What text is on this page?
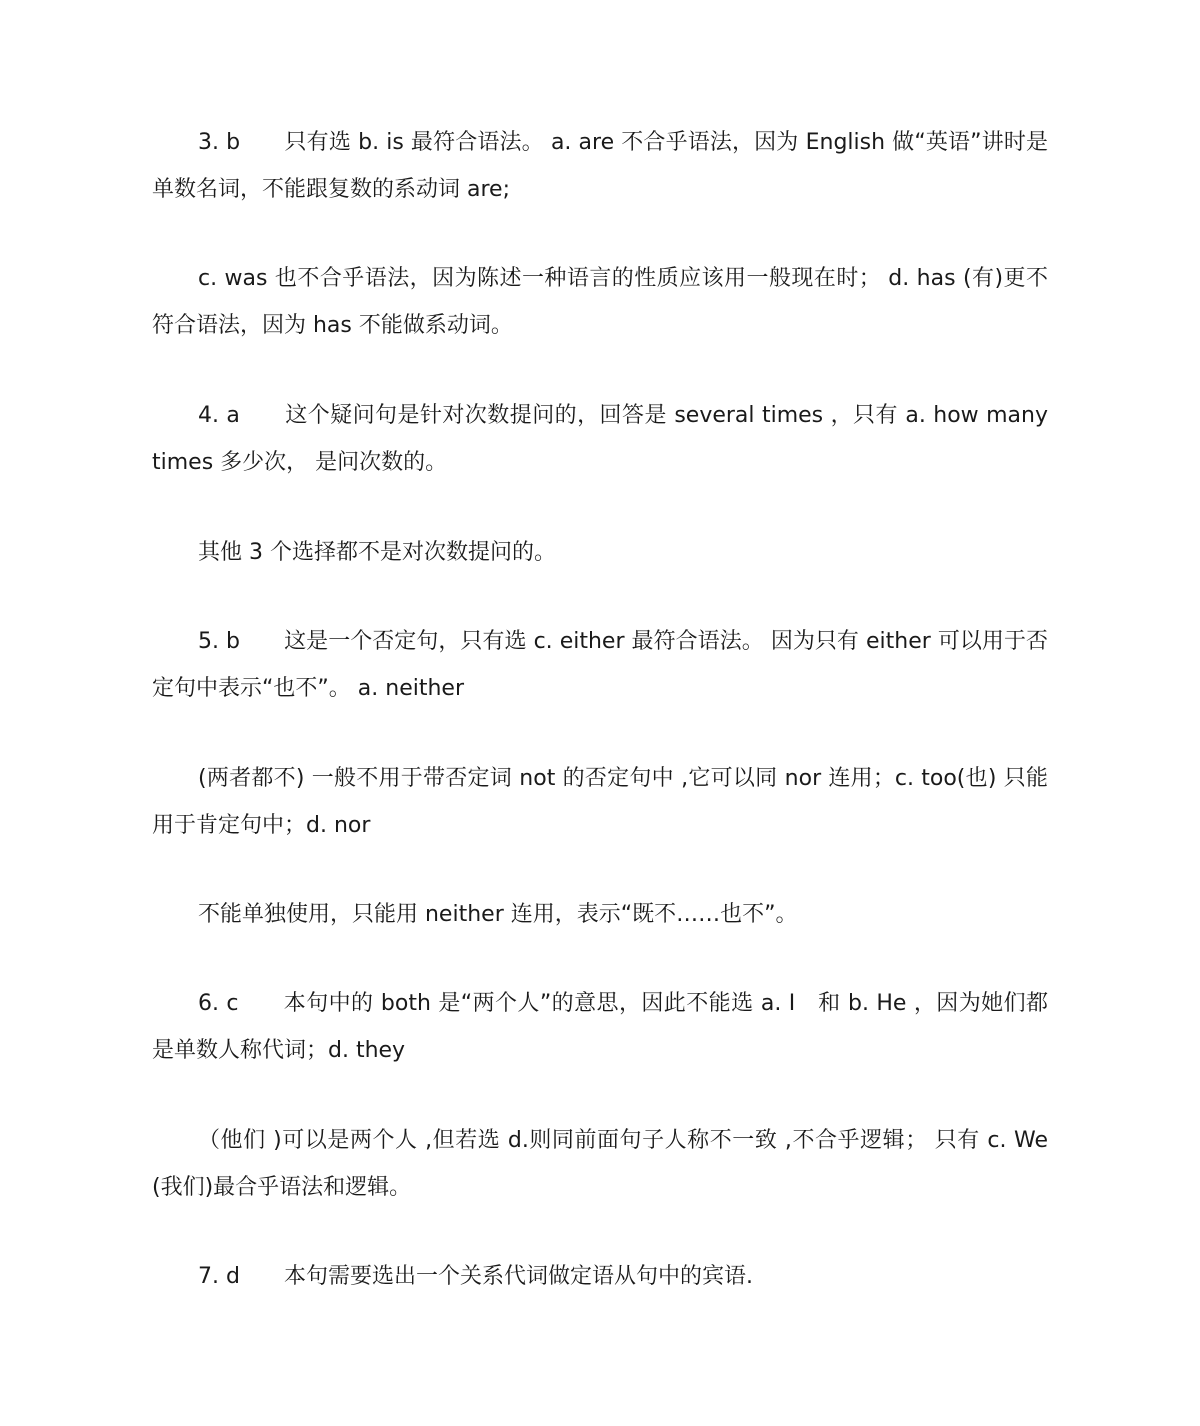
3. b　　只有选 b. is 最符合语法。 a. are 不合乎语法，因为 English 做“英语”讲时是单数名词，不能跟复数的系动词 are;

c. was 也不合乎语法，因为陈述一种语言的性质应该用一般现在时； d. has (有)更不符合语法，因为 has 不能做系动词。

4. a　　这个疑问句是针对次数提问的，回答是 several times ，只有 a. how many times 多少次， 是问次数的。

其他 3 个选择都不是对次数提问的。

5. b　　这是一个否定句，只有选 c. either 最符合语法。 因为只有 either 可以用于否定句中表示“也不”。 a. neither

(两者都不) 一般不用于带否定词 not 的否定句中 ,它可以同 nor 连用；c. too(也) 只能用于肯定句中；d. nor

不能单独使用，只能用 neither 连用，表示“既不……也不”。

6. c　　本句中的 both 是“两个人”的意思，因此不能选 a. I　和 b. He ，因为她们都是单数人称代词；d. they

（他们 )可以是两个人 ,但若选 d.则同前面句子人称不一致 ,不合乎逻辑； 只有 c. We (我们)最合乎语法和逻辑。

7. d　　本句需要选出一个关系代词做定语从句中的宾语.
